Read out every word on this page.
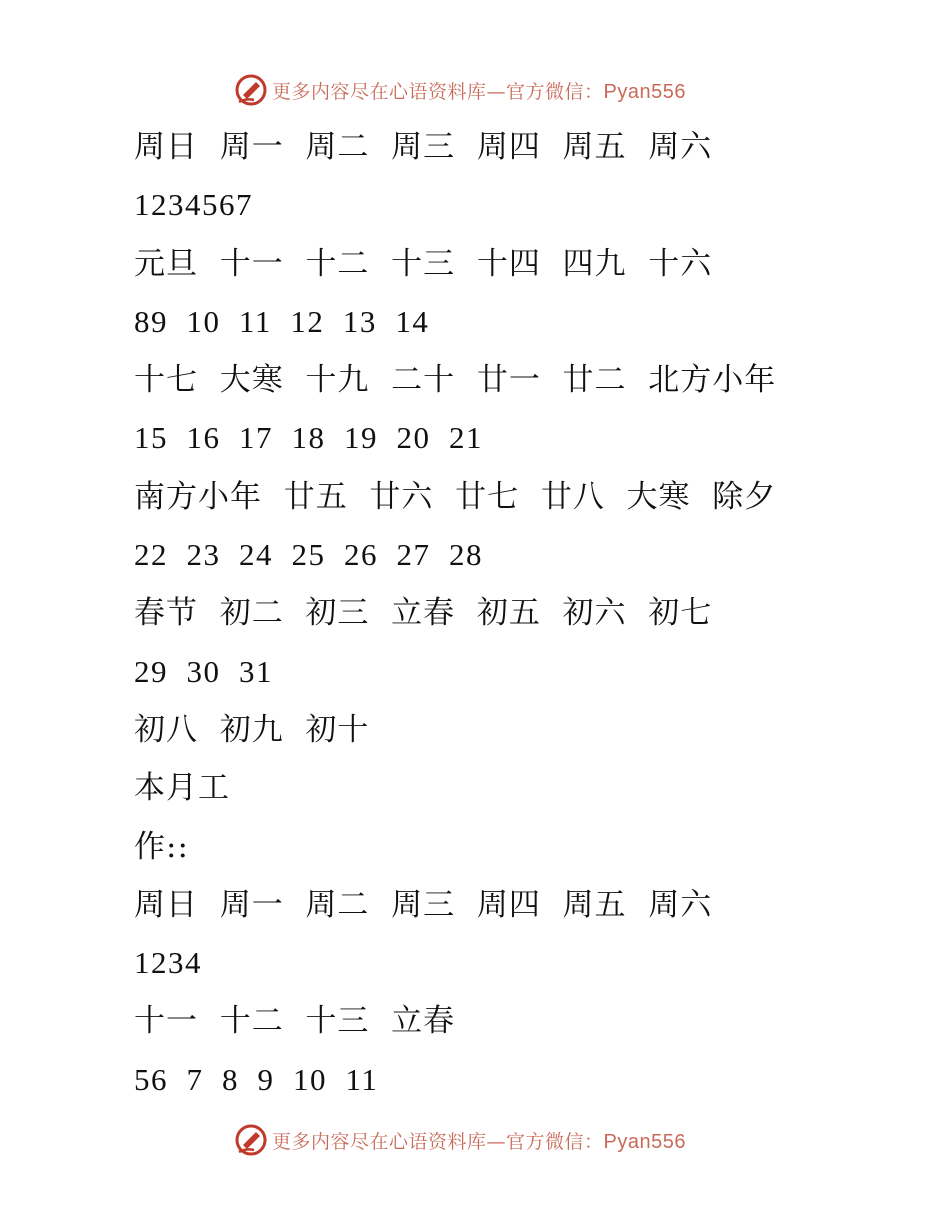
更多内容尽在心语资料库—官方微信：Pyan556
周日  周一  周二  周三  周四  周五  周六
1234567
元旦  十一  十二  十三  十四  四九  十六
89  10  11  12  13  14
十七  大寒  十九  二十  廿一  廿二  北方小年
15  16  17  18  19  20  21
南方小年  廿五  廿六  廿七  廿八  大寒  除夕
22  23  24  25  26  27  28
春节  初二  初三  立春  初五  初六  初七
29  30  31
初八  初九  初十
本月工
作::
周日  周一  周二  周三  周四  周五  周六
1234
十一  十二  十三  立春
56  7  8  9  10  11
更多内容尽在心语资料库—官方微信：Pyan556
